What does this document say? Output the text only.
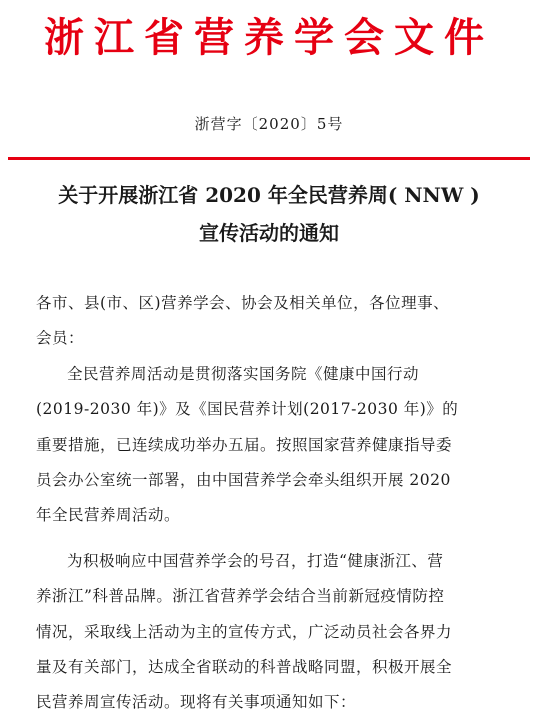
浙江省营养学会文件
浙营字〔2020〕5号
关于开展浙江省 2020 年全民营养周( NNW )
宣传活动的通知

各市、县(市、区)营养学会、协会及相关单位，各位理事、

会员：

全民营养周活动是贯彻落实国务院《健康中国行动

(2019-2030 年)》及《国民营养计划(2017-2030 年)》的

重要措施，已连续成功举办五届。按照国家营养健康指导委

员会办公室统一部署，由中国营养学会牵头组织开展 2020

年全民营养周活动。

为积极响应中国营养学会的号召，打造“健康浙江、营

养浙江”科普品牌。浙江省营养学会结合当前新冠疫情防控

情况，采取线上活动为主的宣传方式，广泛动员社会各界力

量及有关部门，达成全省联动的科普战略同盟，积极开展全

民营养周宣传活动。现将有关事项通知如下：
